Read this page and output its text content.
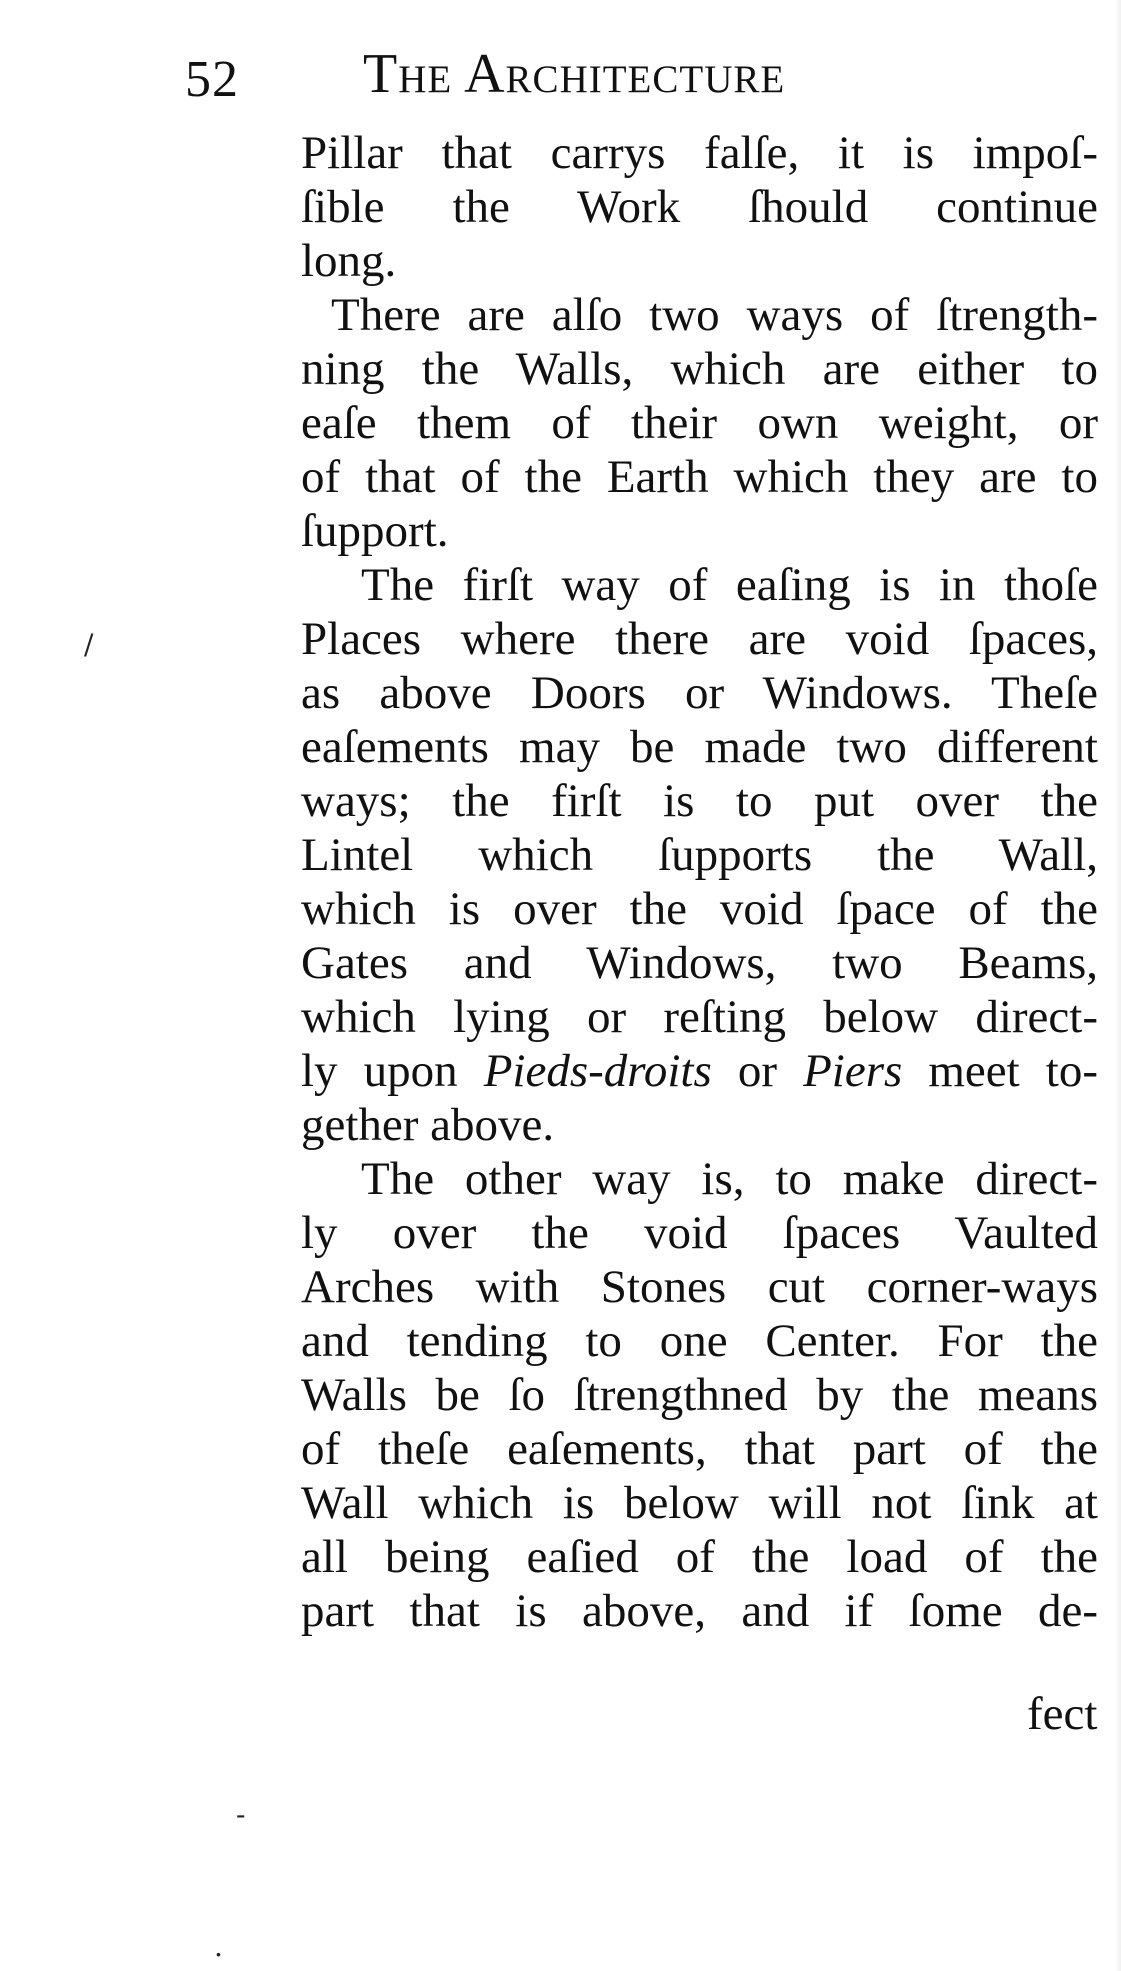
52 The Architecture
Pillar that carrys falſe, it is impoſ-
ſible the Work ſhould continue
long.
There are alſo two ways of ſtrength-
ning the Walls, which are either to
eaſe them of their own weight, or
of that of the Earth which they are to
ſupport.
The firſt way of eaſing is in thoſe
Places where there are void ſpaces,
as above Doors or Windows. Theſe
eaſements may be made two different
ways; the firſt is to put over the
Lintel which ſupports the Wall,
which is over the void ſpace of the
Gates and Windows, two Beams,
which lying or reſting below direct-
ly upon Pieds-droits or Piers meet to-
gether above.
The other way is, to make direct-
ly over the void ſpaces Vaulted
Arches with Stones cut corner-ways
and tending to one Center. For the
Walls be ſo ſtrengthned by the means
of theſe eaſements, that part of the
Wall which is below will not ſink at
all being eaſied of the load of the
part that is above, and if ſome de-
fect
/
-
.
